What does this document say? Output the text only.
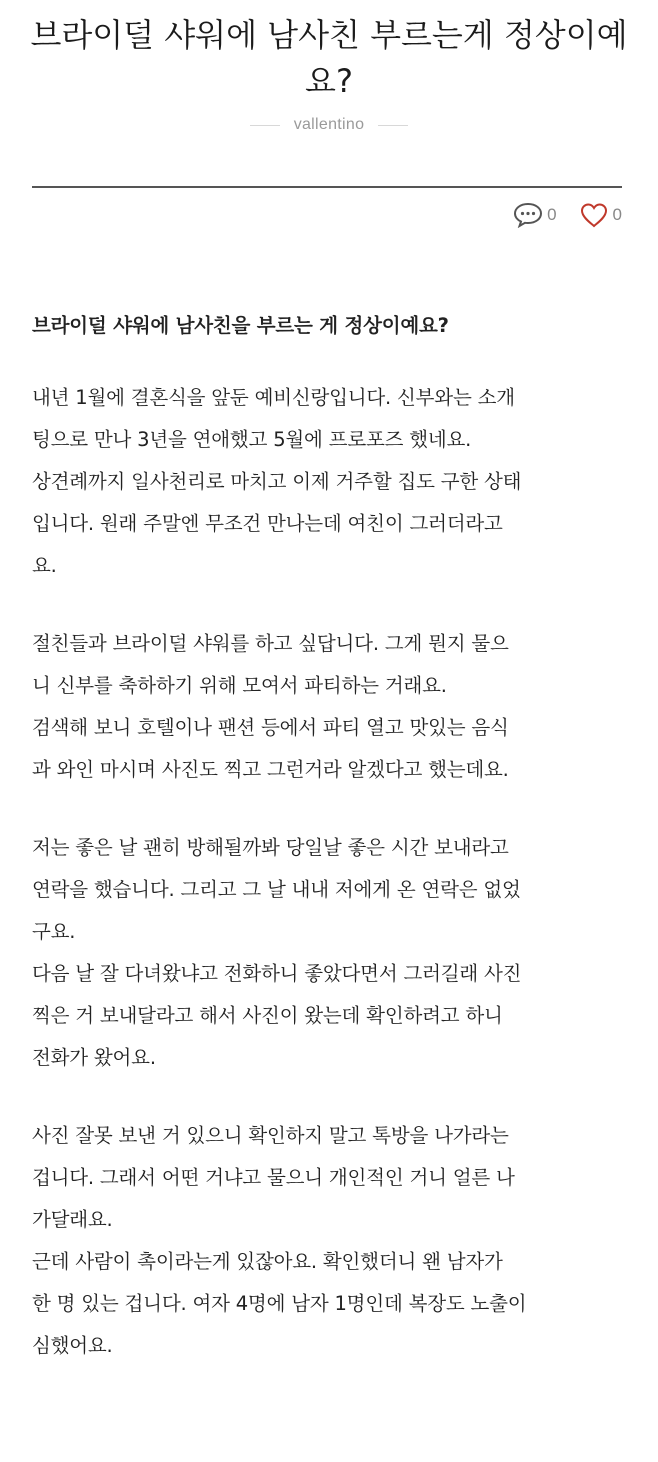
브라이덜 샤워에 남사친 부르는게 정상이예요?
vallentino
0	0

브라이덜 샤워에 남사친을 부르는 게 정상이예요?

내년 1월에 결혼식을 앞둔 예비신랑입니다. 신부와는 소개
팅으로 만나 3년을 연애했고 5월에 프로포즈 했네요.
상견례까지 일사천리로 마치고 이제 거주할 집도 구한 상태
입니다. 원래 주말엔 무조건 만나는데 여친이 그러더라고
요.

절친들과 브라이덜 샤워를 하고 싶답니다. 그게 뭔지 물으
니 신부를 축하하기 위해 모여서 파티하는 거래요.
검색해 보니 호텔이나 팬션 등에서 파티 열고 맛있는 음식
과 와인 마시며 사진도 찍고 그런거라 알겠다고 했는데요.

저는 좋은 날 괜히 방해될까봐 당일날 좋은 시간 보내라고
연락을 했습니다. 그리고 그 날 내내 저에게 온 연락은 없었
구요.
다음 날 잘 다녀왔냐고 전화하니 좋았다면서 그러길래 사진
찍은 거 보내달라고 해서 사진이 왔는데 확인하려고 하니
전화가 왔어요.

사진 잘못 보낸 거 있으니 확인하지 말고 톡방을 나가라는
겁니다. 그래서 어떤 거냐고 물으니 개인적인 거니 얼른 나
가달래요.
근데 사람이 촉이라는게 있잖아요. 확인했더니 왠 남자가
한 명 있는 겁니다. 여자 4명에 남자 1명인데 복장도 노출이
심했어요.
